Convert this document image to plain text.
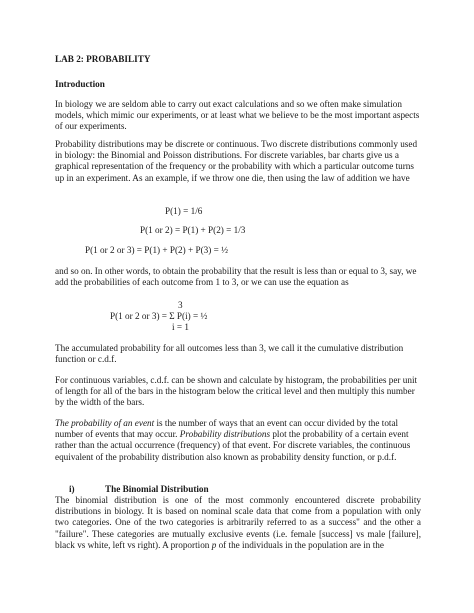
LAB 2: PROBABILITY
Introduction
In biology we are seldom able to carry out exact calculations and so we often make simulation models, which mimic our experiments, or at least what we believe to be the most important aspects of our experiments.
Probability distributions may be discrete or continuous. Two discrete distributions commonly used in biology: the Binomial and Poisson distributions. For discrete variables, bar charts give us a graphical representation of the frequency or the probability with which a particular outcome turns up in an experiment. As an example, if we throw one die, then using the law of addition we have
P(1) = 1/6
P(1 or 2) = P(1) + P(2) = 1/3
P(1 or 2 or 3) = P(1) + P(2) + P(3) = ½
and so on. In other words, to obtain the probability that the result is less than or equal to 3, say, we add the probabilities of each outcome from 1 to 3, or we can use the equation as
3
P(1 or 2 or 3) = Σ P(i) = ½
i = 1
The accumulated probability for all outcomes less than 3, we call it the cumulative distribution function or c.d.f.
For continuous variables, c.d.f. can be shown and calculate by histogram, the probabilities per unit of length for all of the bars in the histogram below the critical level and then multiply this number by the width of the bars.
The probability of an event is the number of ways that an event can occur divided by the total number of events that may occur. Probability distributions plot the probability of a certain event rather than the actual occurrence (frequency) of that event. For discrete variables, the continuous equivalent of the probability distribution also known as probability density function, or p.d.f.
i)	The Binomial Distribution
The binomial distribution is one of the most commonly encountered discrete probability distributions in biology. It is based on nominal scale data that come from a population with only two categories. One of the two categories is arbitrarily referred to as a success" and the other a "failure". These categories are mutually exclusive events (i.e. female [success] vs male [failure], black vs white, left vs right). A proportion p of the individuals in the population are in the
